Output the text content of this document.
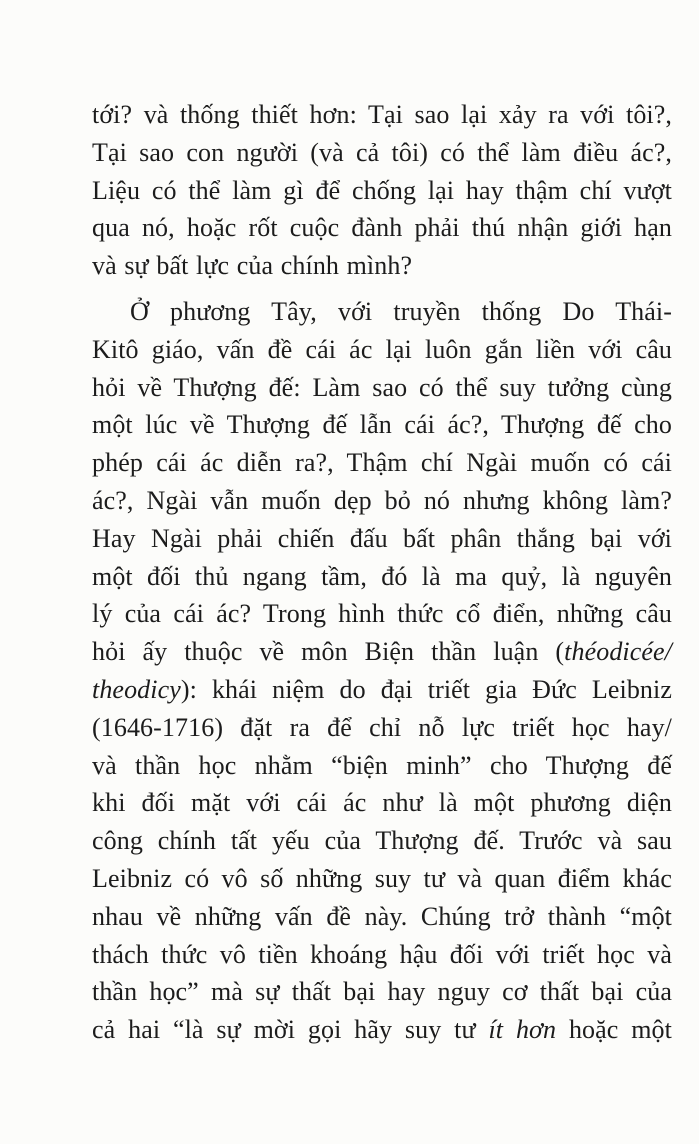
tới? và thống thiết hơn: Tại sao lại xảy ra với tôi?,
Tại sao con người (và cả tôi) có thể làm điều ác?,
Liệu có thể làm gì để chống lại hay thậm chí vượt
qua nó, hoặc rốt cuộc đành phải thú nhận giới hạn
và sự bất lực của chính mình?
Ở phương Tây, với truyền thống Do Thái-
Kitô giáo, vấn đề cái ác lại luôn gắn liền với câu
hỏi về Thượng đế: Làm sao có thể suy tưởng cùng
một lúc về Thượng đế lẫn cái ác?, Thượng đế cho
phép cái ác diễn ra?, Thậm chí Ngài muốn có cái
ác?, Ngài vẫn muốn dẹp bỏ nó nhưng không làm?
Hay Ngài phải chiến đấu bất phân thắng bại với
một đối thủ ngang tầm, đó là ma quỷ, là nguyên
lý của cái ác? Trong hình thức cổ điển, những câu
hỏi ấy thuộc về môn Biện thần luận (théodicée/
theodicy): khái niệm do đại triết gia Đức Leibniz
(1646-1716) đặt ra để chỉ nỗ lực triết học hay/
và thần học nhằm “biện minh” cho Thượng đế
khi đối mặt với cái ác như là một phương diện
công chính tất yếu của Thượng đế. Trước và sau
Leibniz có vô số những suy tư và quan điểm khác
nhau về những vấn đề này. Chúng trở thành “một
thách thức vô tiền khoáng hậu đối với triết học và
thần học” mà sự thất bại hay nguy cơ thất bại của
cả hai “là sự mời gọi hãy suy tư ít hơn hoặc một
